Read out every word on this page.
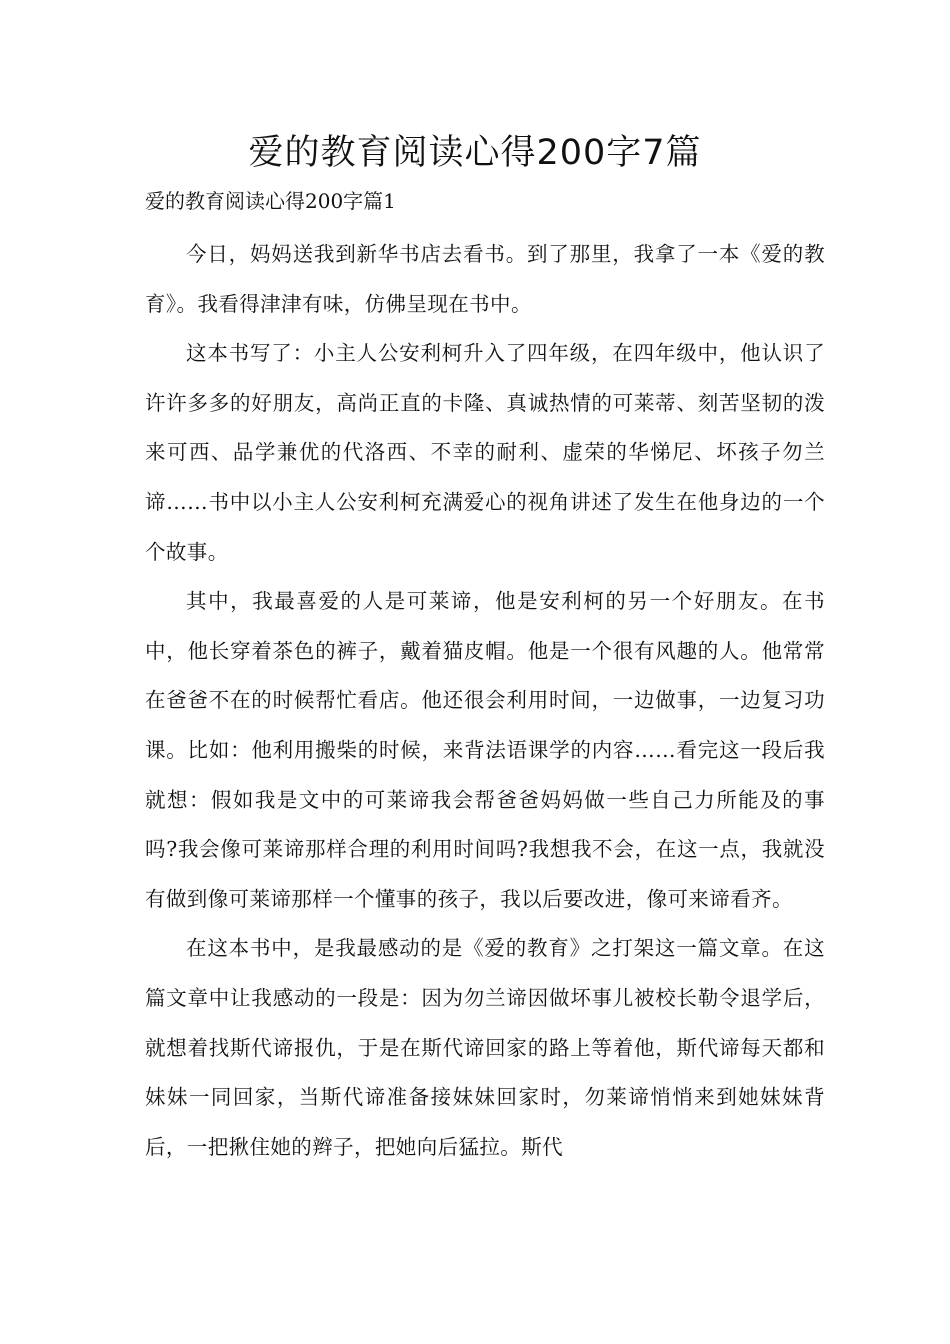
爱的教育阅读心得200字7篇
爱的教育阅读心得200字篇1

今日，妈妈送我到新华书店去看书。到了那里，我拿了一本《爱的教育》。我看得津津有味，仿佛呈现在书中。

这本书写了：小主人公安利柯升入了四年级，在四年级中，他认识了许许多多的好朋友，高尚正直的卡隆、真诚热情的可莱蒂、刻苦坚韧的泼来可西、品学兼优的代洛西、不幸的耐利、虚荣的华悌尼、坏孩子勿兰谛……书中以小主人公安利柯充满爱心的视角讲述了发生在他身边的一个个故事。

其中，我最喜爱的人是可莱谛，他是安利柯的另一个好朋友。在书中，他长穿着茶色的裤子，戴着猫皮帽。他是一个很有风趣的人。他常常在爸爸不在的时候帮忙看店。他还很会利用时间，一边做事，一边复习功课。比如：他利用搬柴的时候，来背法语课学的内容……看完这一段后我就想：假如我是文中的可莱谛我会帮爸爸妈妈做一些自己力所能及的事吗?我会像可莱谛那样合理的利用时间吗?我想我不会，在这一点，我就没有做到像可莱谛那样一个懂事的孩子，我以后要改进，像可来谛看齐。

在这本书中，是我最感动的是《爱的教育》之打架这一篇文章。在这篇文章中让我感动的一段是：因为勿兰谛因做坏事儿被校长勒令退学后，就想着找斯代谛报仇，于是在斯代谛回家的路上等着他，斯代谛每天都和妹妹一同回家，当斯代谛准备接妹妹回家时，勿莱谛悄悄来到她妹妹背后，一把揪住她的辫子，把她向后猛拉。斯代
